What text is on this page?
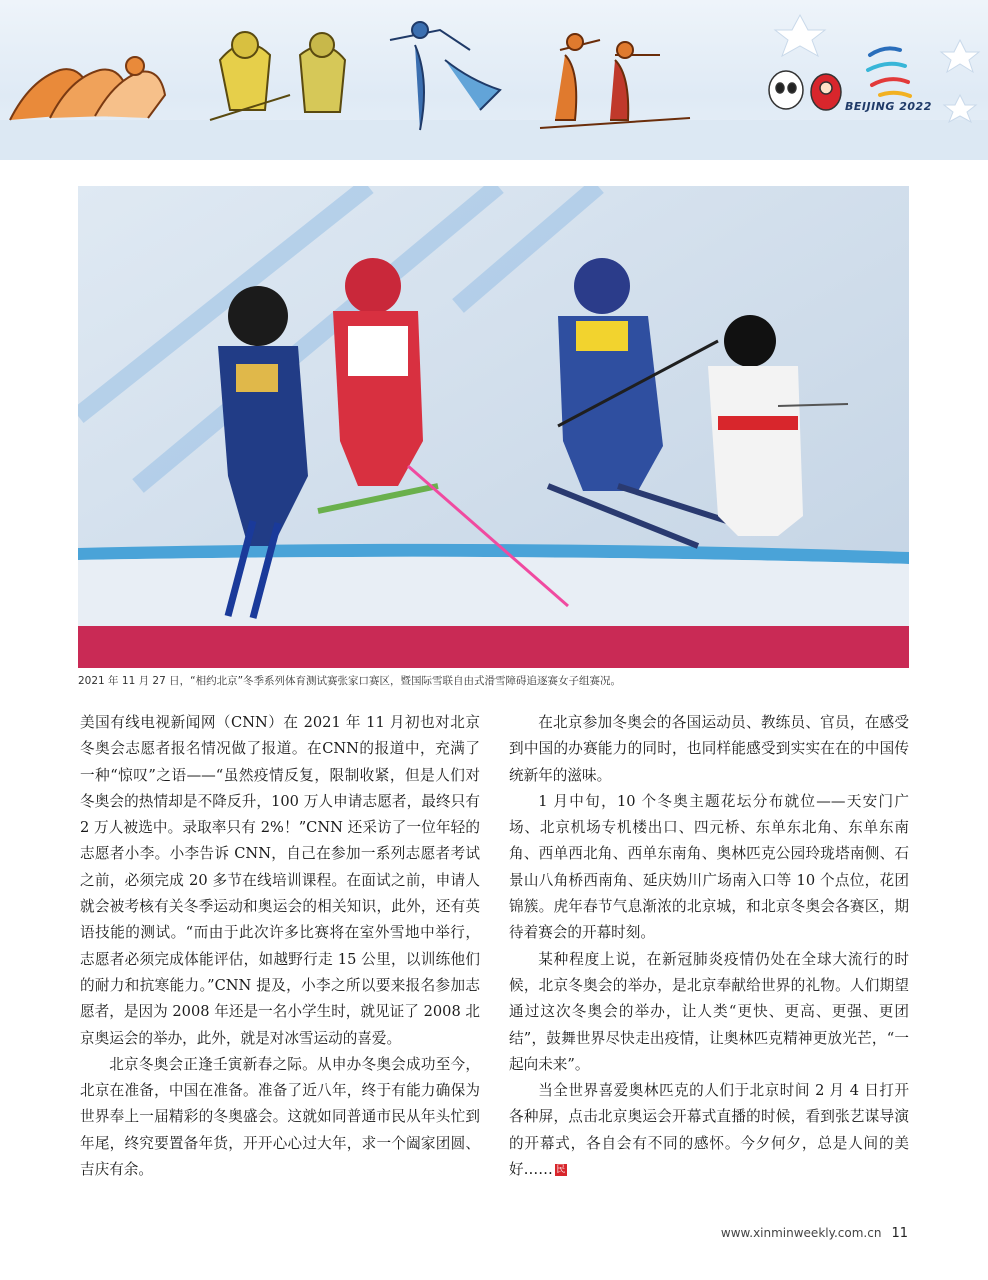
BEIJING 2022
2021 年 11 月 27 日，“相约北京”冬季系列体育测试赛张家口赛区，暨国际雪联自由式滑雪障碍追逐赛女子组赛况。

美国有线电视新闻网（CNN）在 2021 年 11 月初也对北京冬奥会志愿者报名情况做了报道。在CNN的报道中，充满了一种“惊叹”之语——“虽然疫情反复，限制收紧，但是人们对冬奥会的热情却是不降反升，100 万人申请志愿者，最终只有 2 万人被选中。录取率只有 2%！”CNN 还采访了一位年轻的志愿者小李。小李告诉 CNN，自己在参加一系列志愿者考试之前，必须完成 20 多节在线培训课程。在面试之前，申请人就会被考核有关冬季运动和奥运会的相关知识，此外，还有英语技能的测试。“而由于此次许多比赛将在室外雪地中举行，志愿者必须完成体能评估，如越野行走 15 公里，以训练他们的耐力和抗寒能力。”CNN 提及，小李之所以要来报名参加志愿者，是因为 2008 年还是一名小学生时，就见证了 2008 北京奥运会的举办，此外，就是对冰雪运动的喜爱。

北京冬奥会正逢壬寅新春之际。从申办冬奥会成功至今，北京在准备，中国在准备。准备了近八年，终于有能力确保为世界奉上一届精彩的冬奥盛会。这就如同普通市民从年头忙到年尾，终究要置备年货，开开心心过大年，求一个阖家团圆、吉庆有余。

在北京参加冬奥会的各国运动员、教练员、官员，在感受到中国的办赛能力的同时，也同样能感受到实实在在的中国传统新年的滋味。

1 月中旬，10 个冬奥主题花坛分布就位——天安门广场、北京机场专机楼出口、四元桥、东单东北角、东单东南角、西单西北角、西单东南角、奥林匹克公园玲珑塔南侧、石景山八角桥西南角、延庆妫川广场南入口等 10 个点位，花团锦簇。虎年春节气息渐浓的北京城，和北京冬奥会各赛区，期待着赛会的开幕时刻。

某种程度上说，在新冠肺炎疫情仍处在全球大流行的时候，北京冬奥会的举办，是北京奉献给世界的礼物。人们期望通过这次冬奥会的举办，让人类“更快、更高、更强、更团结”，鼓舞世界尽快走出疫情，让奥林匹克精神更放光芒，“一起向未来”。

当全世界喜爱奥林匹克的人们于北京时间 2 月 4 日打开各种屏，点击北京奥运会开幕式直播的时候，看到张艺谋导演的开幕式，各自会有不同的感怀。今夕何夕，总是人间的美好…… 民

www.xinminweekly.com.cn 11
